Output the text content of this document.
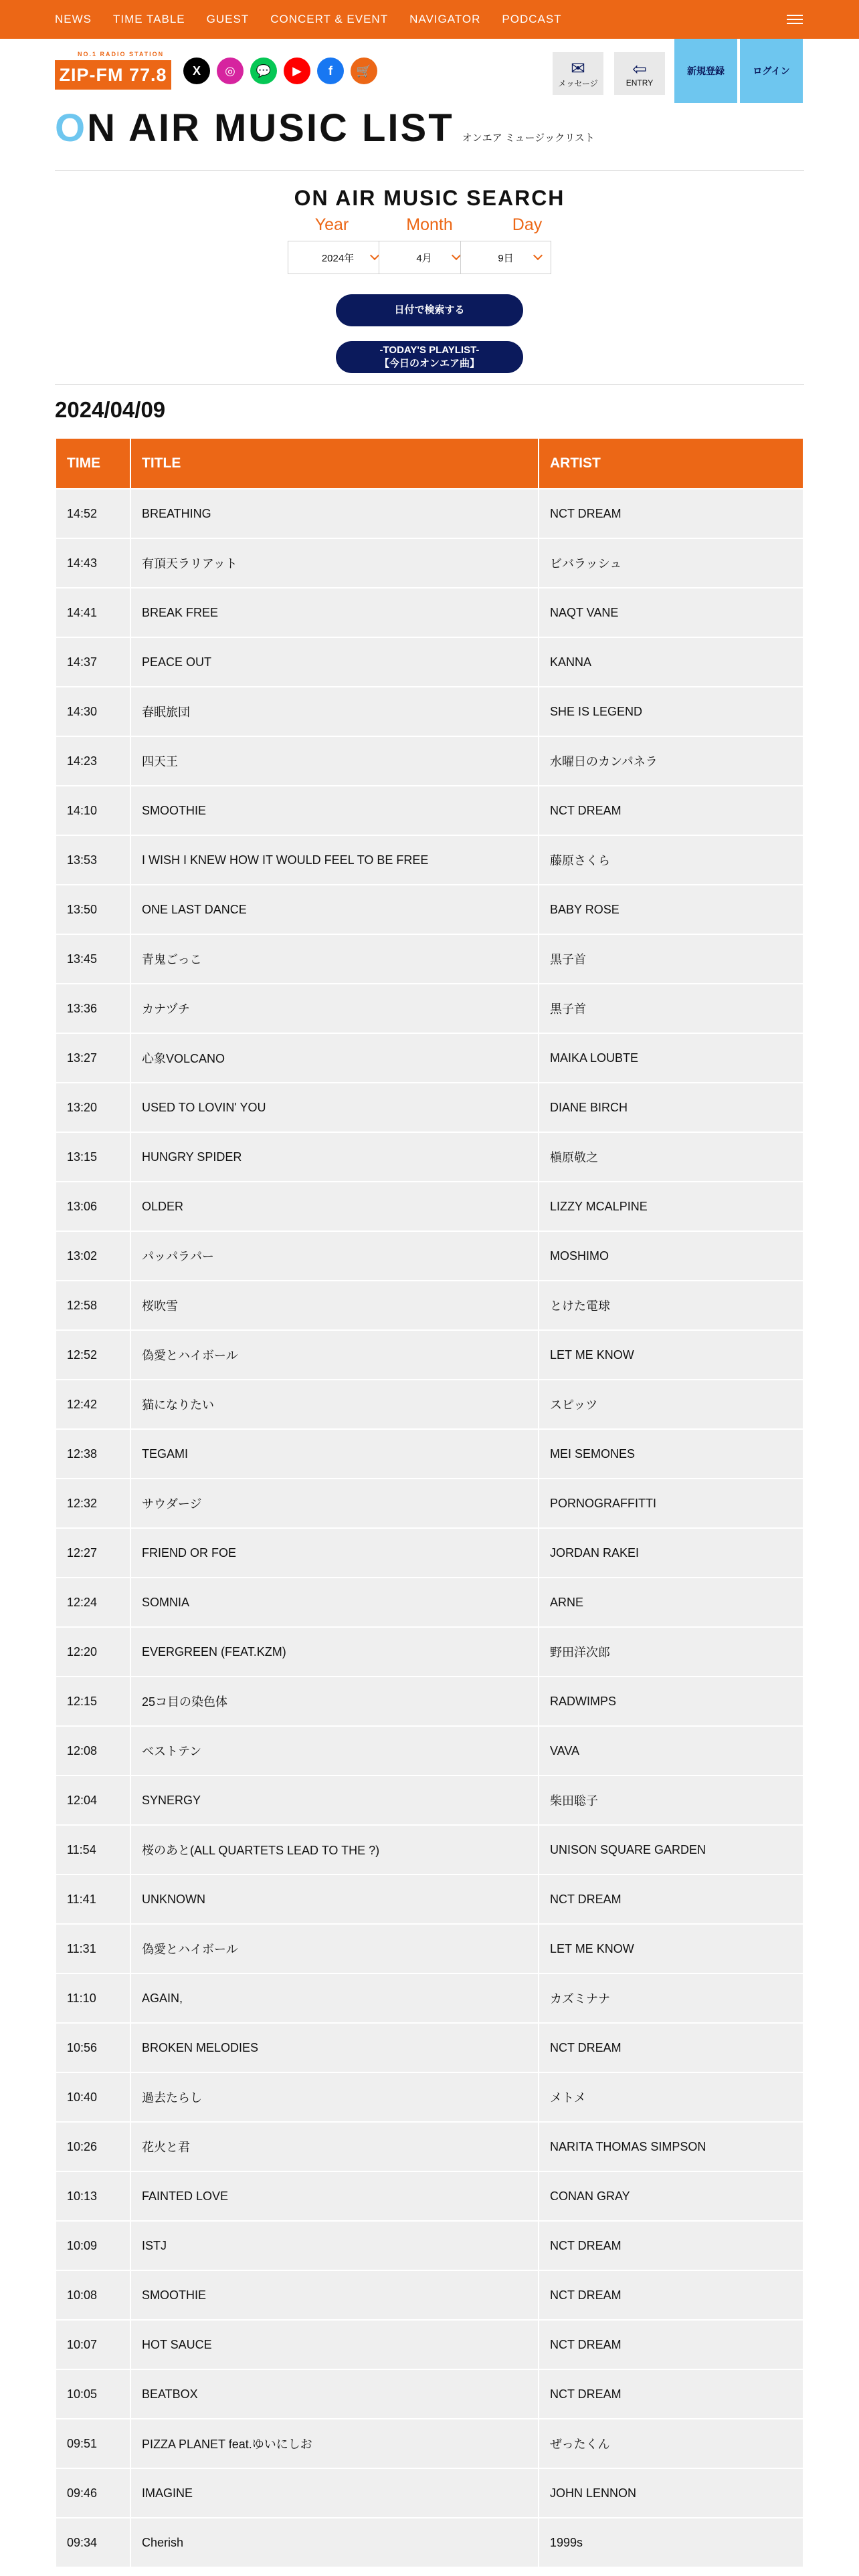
NEWS TIME TABLE GUEST CONCERT & EVENT NAVIGATOR PODCAST
NO.1 RADIO STATION
ZIP-FM 77.8	X	◎	💬	▶	f	🛒	✉
メッセージ
⇦
ENTRY
新規登録	ログイン
ON AIR MUSIC LIST オンエア ミュージックリスト
ON AIR MUSIC SEARCH
Year	Month	Day
2024年	4月	9日
日付で検索する
-TODAY'S PLAYLIST-
【今日のオンエア曲】
2024/04/09
TIME	TITLE	ARTIST
14:52	BREATHING	NCT DREAM
14:43	有頂天ラリアット	ビバラッシュ
14:41	BREAK FREE	NAQT VANE
14:37	PEACE OUT	KANNA
14:30	春眠旅団	SHE IS LEGEND
14:23	四天王	水曜日のカンパネラ
14:10	SMOOTHIE	NCT DREAM
13:53	I WISH I KNEW HOW IT WOULD FEEL TO BE FREE	藤原さくら
13:50	ONE LAST DANCE	BABY ROSE
13:45	青鬼ごっこ	黒子首
13:36	カナヅチ	黒子首
13:27	心象VOLCANO	MAIKA LOUBTE
13:20	USED TO LOVIN' YOU	DIANE BIRCH
13:15	HUNGRY SPIDER	槇原敬之
13:06	OLDER	LIZZY MCALPINE
13:02	パッパラパー	MOSHIMO
12:58	桜吹雪	とけた電球
12:52	偽愛とハイボール	LET ME KNOW
12:42	猫になりたい	スピッツ
12:38	TEGAMI	MEI SEMONES
12:32	サウダージ	PORNOGRAFFITTI
12:27	FRIEND OR FOE	JORDAN RAKEI
12:24	SOMNIA	ARNE
12:20	EVERGREEN (FEAT.KZM)	野田洋次郎
12:15	25コ目の染色体	RADWIMPS
12:08	ベストテン	VAVA
12:04	SYNERGY	柴田聡子
11:54	桜のあと(ALL QUARTETS LEAD TO THE ?)	UNISON SQUARE GARDEN
11:41	UNKNOWN	NCT DREAM
11:31	偽愛とハイボール	LET ME KNOW
11:10	AGAIN,	カズミナナ
10:56	BROKEN MELODIES	NCT DREAM
10:40	過去たらし	メトメ
10:26	花火と君	NARITA THOMAS SIMPSON
10:13	FAINTED LOVE	CONAN GRAY
10:09	ISTJ	NCT DREAM
10:08	SMOOTHIE	NCT DREAM
10:07	HOT SAUCE	NCT DREAM
10:05	BEATBOX	NCT DREAM
09:51	PIZZA PLANET feat.ゆいにしお	ぜったくん
09:46	IMAGINE	JOHN LENNON
09:34	Cherish	1999s
